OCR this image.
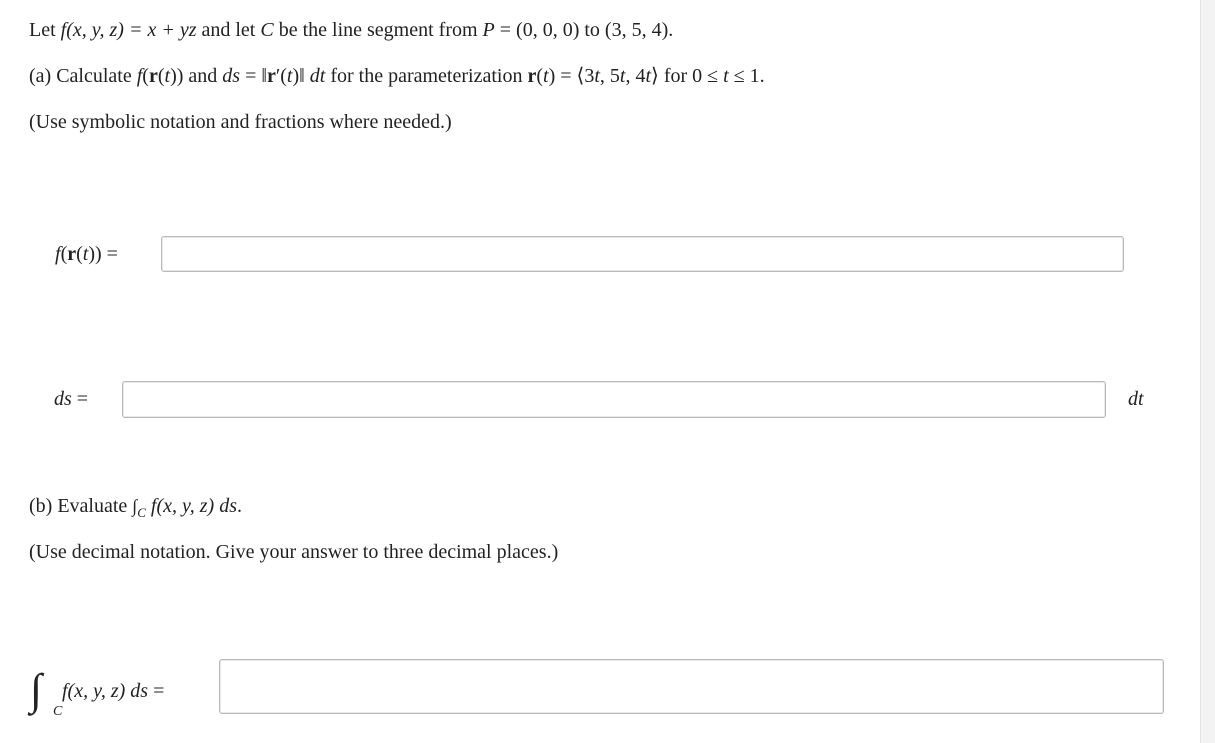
Let f(x, y, z) = x + yz and let C be the line segment from P = (0, 0, 0) to (3, 5, 4).
(a) Calculate f(r(t)) and ds = ‖r′(t)‖ dt for the parameterization r(t) = ⟨3t, 5t, 4t⟩ for 0 ≤ t ≤ 1.
(Use symbolic notation and fractions where needed.)
f(r(t)) =
ds =	dt
(b) Evaluate $\int_C$ f(x, y, z) ds.
(Use decimal notation. Give your answer to three decimal places.)
∫ C
f(x, y, z) ds =
